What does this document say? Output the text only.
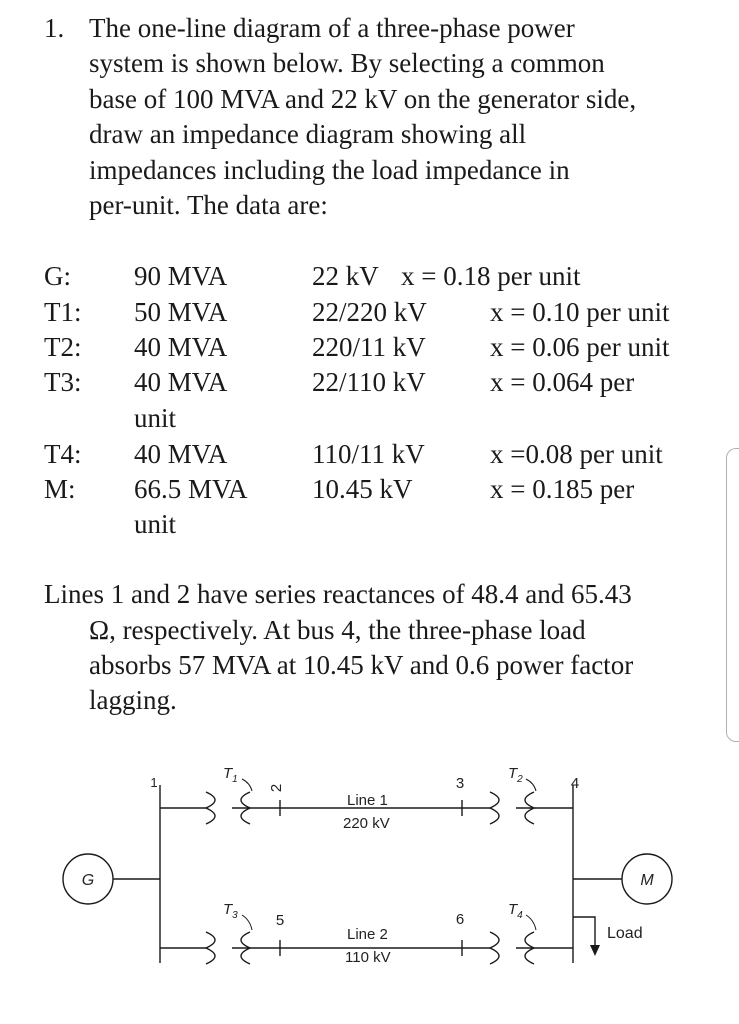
1. The one-line diagram of a three-phase power
system is shown below. By selecting a common
base of 100 MVA and 22 kV on the generator side,
draw an impedance diagram showing all
impedances including the load impedance in
per-unit. The data are:
G: 90 MVA	22 kV x = 0.18 per unit
T1: 50 MVA	22/220 kV x = 0.10 per unit
T2: 40 MVA	220/11 kV x = 0.06 per unit
T3: 40 MVA	22/110 kV x = 0.064 per
unit
T4: 40 MVA	110/11 kV x =0.08 per unit
M: 66.5 MVA 10.45 kV	x = 0.185 per
unit
Lines 1 and 2 have series reactances of 48.4 and 65.43
Ω, respectively. At bus 4, the three-phase load
absorbs 57 MVA at 10.45 kV and 0.6 power factor
lagging.
G	M
1	2	3	4
5	6
$T_1$	$T_2$
$T_3$	$T_4$
Line 1
220 kV
Line 2
110 kV
Load
